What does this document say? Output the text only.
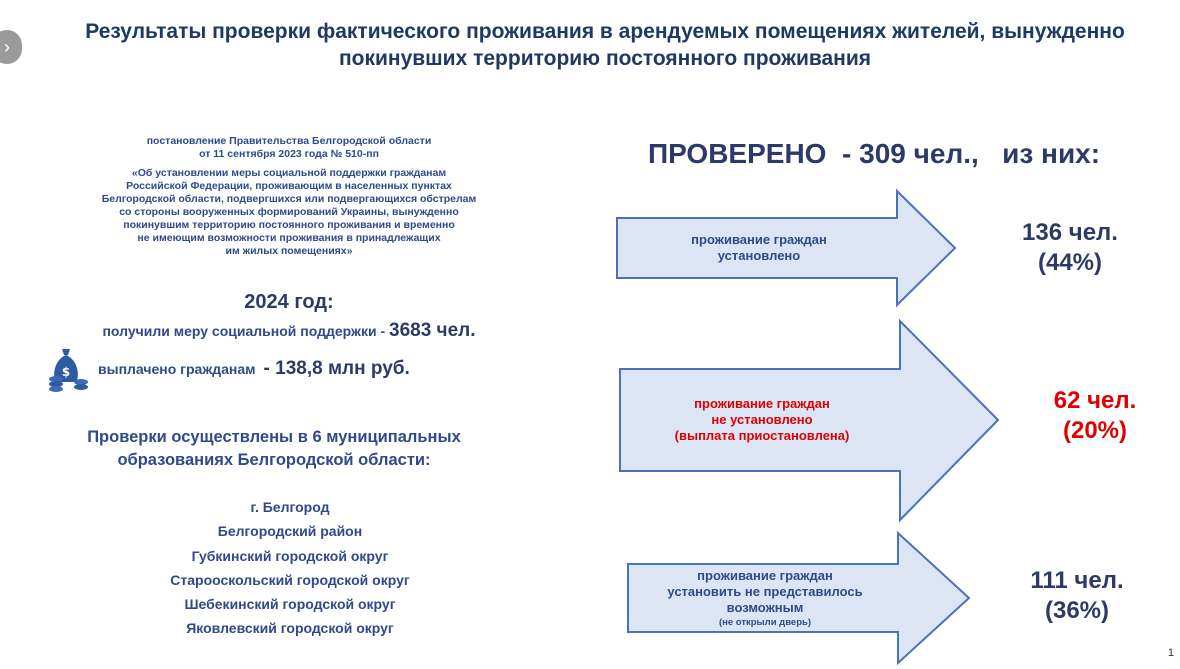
›
Результаты проверки фактического проживания в арендуемых помещениях жителей, вынужденно
покинувших территорию постоянного проживания
постановление Правительства Белгородской области
от 11 сентября 2023 года № 510-пп
«Об установлении меры социальной поддержки гражданам
Российской Федерации, проживающим в населенных пунктах
Белгородской области, подвергшихся или подвергающихся обстрелам
со стороны вооруженных формирований Украины, вынужденно
покинувшим территорию постоянного проживания и временно
не имеющим возможности проживания в принадлежащих
им жилых помещениях»
2024 год:
получили меру социальной поддержки - 3683 чел.
$ выплачено гражданам - 138,8 млн руб.
Проверки осуществлены в 6 муниципальных
образованиях Белгородской области:
г. Белгород
Белгородский район
Губкинский городской округ
Старооскольский городской округ
Шебекинский городской округ
Яковлевский городской округ
ПРОВЕРЕНО  - 309 чел.,   из них:
проживание граждан
установлено
проживание граждан
не установлено
(выплата приостановлена)
проживание граждан
установить не представилось
возможным
(не открыли дверь)
136 чел.
(44%)
62 чел.
(20%)
111 чел.
(36%)
1
